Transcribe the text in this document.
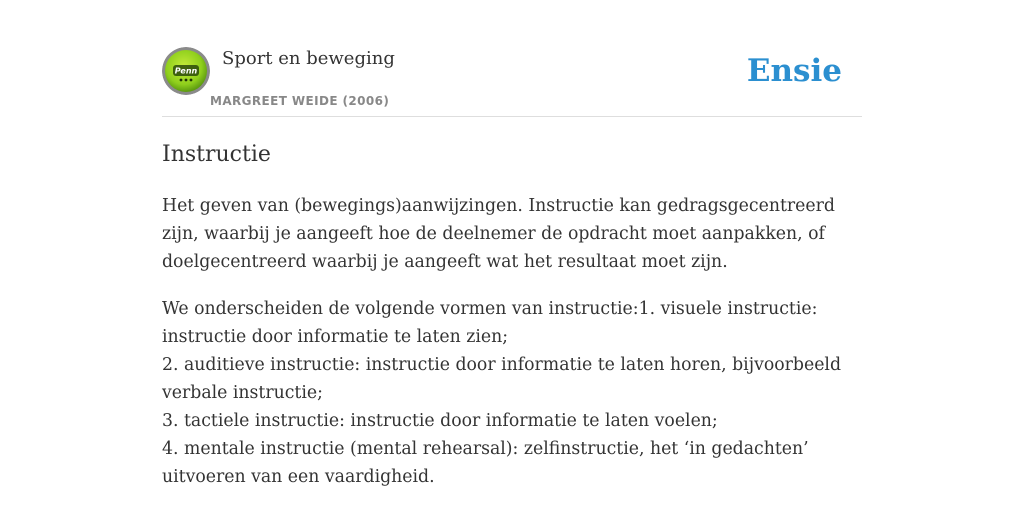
Penn
Sport en beweging
MARGREET WEIDE (2006)
Ensie
Instructie

Het geven van (bewegings)aanwijzingen. Instructie kan gedragsgecentreerd zijn, waarbij je aangeeft hoe de deelnemer de opdracht moet aanpakken, of doelgecentreerd waarbij je aangeeft wat het resultaat moet zijn.

We onderscheiden de volgende vormen van instructie:1. visuele instructie: instructie door informatie te laten zien;
2. auditieve instructie: instructie door informatie te laten horen, bijvoorbeeld verbale instructie;
3. tactiele instructie: instructie door informatie te laten voelen;
4. mentale instructie (mental rehearsal): zelfinstructie, het ‘in gedachten’ uitvoeren van een vaardigheid.
